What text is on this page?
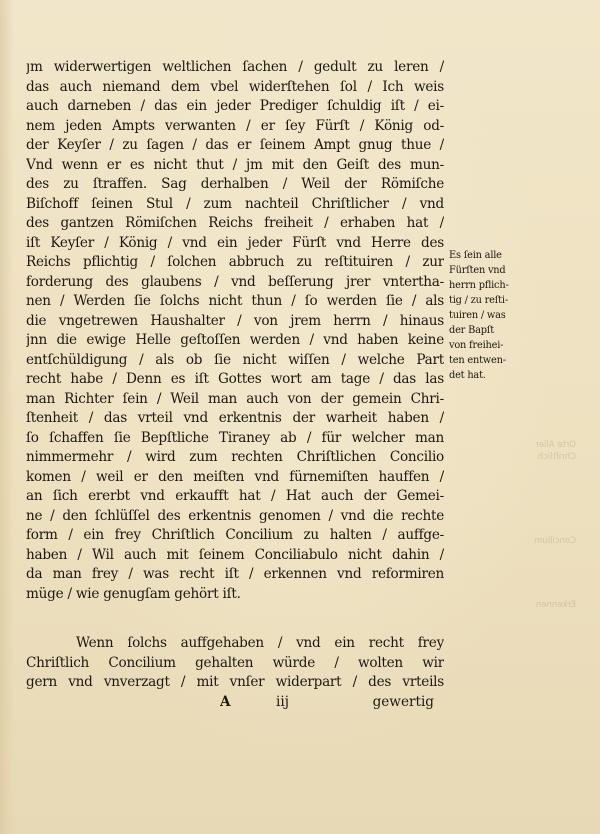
ȷm widerwertigen weltlichen ſachen / gedult zu leren /
das auch niemand dem vbel widerſtehen ſol / Ich weis
auch darneben / das ein jeder Prediger ſchuldig iſt / ei-
nem jeden Ampts verwanten / er ſey Fürſt / König od-
der Keyſer / zu ſagen / das er ſeinem Ampt gnug thue /
Vnd wenn er es nicht thut / jm mit den Geiſt des mun-
des zu ſtraffen. Sag derhalben / Weil der Römiſche
Biſchoff ſeinen Stul / zum nachteil Chriſtlicher / vnd
des gantzen Römiſchen Reichs freiheit / erhaben hat /
iſt Keyſer / König / vnd ein jeder Fürſt vnd Herre des
Reichs pflichtig / ſolchen abbruch zu reſtituiren / zur
forderung des glaubens / vnd beſſerung jrer vntertha-
nen / Werden ſie ſolchs nicht thun / ſo werden ſie / als
die vngetrewen Haushalter / von jrem herrn / hinaus
jnn die ewige Helle geſtoſſen werden / vnd haben keine
entſchüldigung / als ob ſie nicht wiſſen / welche Part
recht habe / Denn es iſt Gottes wort am tage / das las
man Richter ſein / Weil man auch von der gemein Chri-
ſtenheit / das vrteil vnd erkentnis der warheit haben /
ſo ſchaffen ſie Bepſtliche Tiraney ab / für welcher man
nimmermehr / wird zum rechten Chriſtlichen Concilio
komen / weil er den meiſten vnd fürnemiſten hauffen /
an ſich ererbt vnd erkaufft hat / Hat auch der Gemei-
ne / den ſchlüſſel des erkentnis genomen / vnd die rechte
form / ein frey Chriſtlich Concilium zu halten / auffge-
haben / Wil auch mit ſeinem Conciliabulo nicht dahin /
da man frey / was recht iſt / erkennen vnd reformiren
müge / wie genugſam gehört iſt.
Wenn ſolchs auffgehaben / vnd ein recht frey
Chriſtlich Concilium gehalten würde / wolten wir
gern vnd vnverzagt / mit vnſer widerpart / des vrteils
Es ſein alle
Fürſten vnd
herrn pflich-
tig / zu reſti-
tuiren / was
der Bapſt
von freihei-
ten entwen-
det hat.
Orte Aller
Chriſtlich
Concilium
Erkennen
A	iij	gewertig
